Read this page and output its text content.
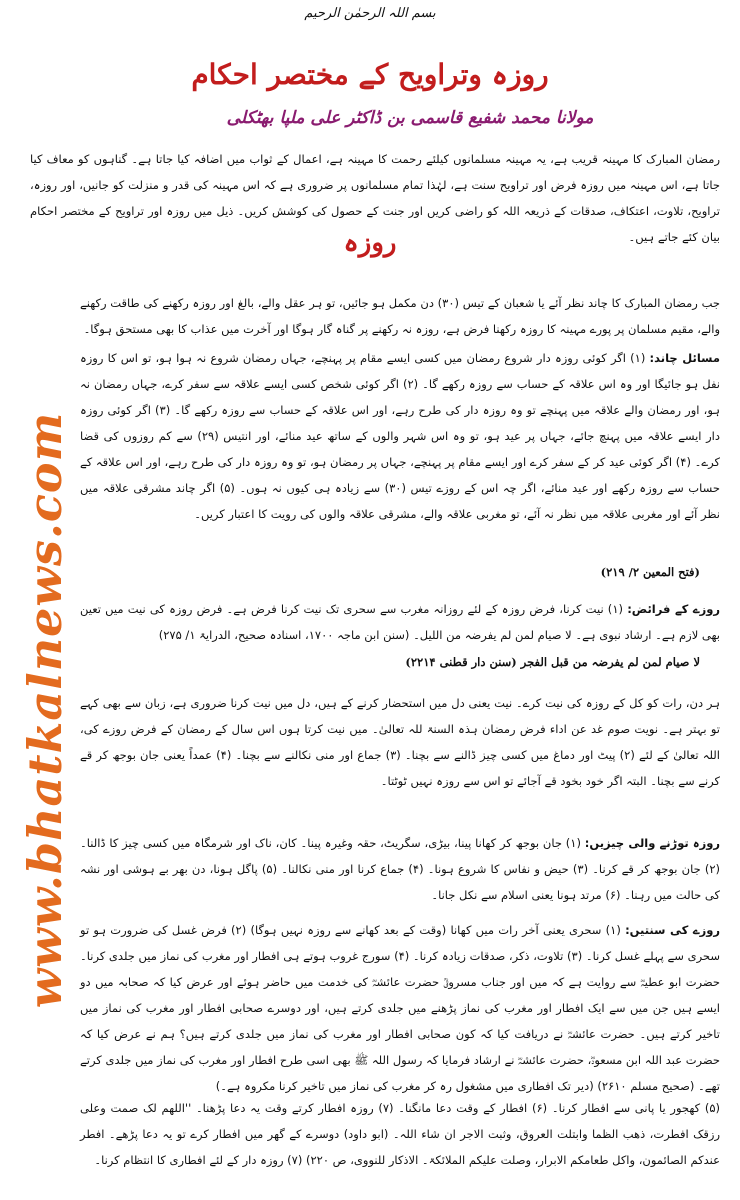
www.bhatkalnews.com
بسم اللہ الرحمٰن الرحیم
روزہ وتراویح کے مختصر احکام
مولانا محمد شفیع قاسمی بن ڈاکٹر علی ملپا بھٹکلی
رمضان المبارک کا مہینہ قریب ہے، یہ مہینہ مسلمانوں کیلئے رحمت کا مہینہ ہے، اعمال کے ثواب میں اضافہ کیا جاتا ہے۔ گناہوں کو معاف کیا جاتا ہے، اس مہینہ میں روزہ فرض اور تراویح سنت ہے، لہٰذا تمام مسلمانوں پر ضروری ہے کہ اس مہینہ کی قدر و منزلت کو جانیں، اور روزہ، تراویح، تلاوت، اعتکاف، صدقات کے ذریعہ اللہ کو راضی کریں اور جنت کے حصول کی کوشش کریں۔ ذیل میں روزہ اور تراویح کے مختصر احکام بیان کئے جاتے ہیں۔
روزہ
جب رمضان المبارک کا چاند نظر آئے یا شعبان کے تیس (۳۰) دن مکمل ہو جائیں، تو ہر عقل والے، بالغ اور روزہ رکھنے کی طاقت رکھنے والے، مقیم مسلمان پر پورے مہینہ کا روزہ رکھنا فرض ہے، روزہ نہ رکھنے پر گناہ گار ہوگا اور آخرت میں عذاب کا بھی مستحق ہوگا۔
مسائل چاند: (۱) اگر کوئی روزہ دار شروع رمضان میں کسی ایسے مقام پر پہنچے، جہاں رمضان شروع نہ ہوا ہو، تو اس کا روزہ نفل ہو جائیگا اور وہ اس علاقہ کے حساب سے روزہ رکھے گا۔ (۲) اگر کوئی شخص کسی ایسے علاقہ سے سفر کرے، جہاں رمضان نہ ہو، اور رمضان والے علاقہ میں پہنچے تو وہ روزہ دار کی طرح رہے، اور اس علاقہ کے حساب سے روزہ رکھے گا۔ (۳) اگر کوئی روزہ دار ایسے علاقہ میں پہنچ جائے، جہاں پر عید ہو، تو وہ اس شہر والوں کے ساتھ عید منائے، اور انتیس (۲۹) سے کم روزوں کی قضا کرے۔ (۴) اگر کوئی عید کر کے سفر کرے اور ایسے مقام پر پہنچے، جہاں پر رمضان ہو، تو وہ روزہ دار کی طرح رہے، اور اس علاقہ کے حساب سے روزہ رکھے اور عید منائے، اگر چہ اس کے روزے تیس (۳۰) سے زیادہ ہی کیوں نہ ہوں۔ (۵) اگر چاند مشرقی علاقہ میں نظر آئے اور مغربی علاقہ میں نظر نہ آئے، تو مغربی علاقہ والے، مشرقی علاقہ والوں کی رویت کا اعتبار کریں۔
(فتح المعین ۲/ ۲۱۹)
روزے کے فرائض: (۱) نیت کرنا، فرض روزہ کے لئے روزانہ مغرب سے سحری تک نیت کرنا فرض ہے۔ فرض روزہ کی نیت میں تعین بھی لازم ہے۔ ارشاد نبوی ہے۔ لا صیام لمن لم یفرضہ من اللیل۔ (سنن ابن ماجہ ۱۷۰۰، اسنادہ صحیح، الدرایۃ ۱/ ۲۷۵)
لا صیام لمن لم یفرضہ من قبل الفجر (سنن دار قطنی ۲۲۱۴)
ہر دن، رات کو کل کے روزہ کی نیت کرے۔ نیت یعنی دل میں استحضار کرنے کے ہیں، دل میں نیت کرنا ضروری ہے، زبان سے بھی کہے تو بہتر ہے۔ نویت صوم غد عن اداء فرض رمضان ہذہ السنۃ للہ تعالیٰ۔ میں نیت کرتا ہوں اس سال کے رمضان کے فرض روزے کی، اللہ تعالیٰ کے لئے (۲) پیٹ اور دماغ میں کسی چیز ڈالنے سے بچنا۔ (۳) جماع اور منی نکالنے سے بچنا۔ (۴) عمداً یعنی جان بوجھ کر قے کرنے سے بچنا۔ البتہ اگر خود بخود قے آجائے تو اس سے روزہ نہیں ٹوٹتا۔
روزہ توڑنے والی چیزیں: (۱) جان بوجھ کر کھانا پینا، بیڑی، سگریٹ، حقہ وغیرہ پینا۔ کان، ناک اور شرمگاہ میں کسی چیز کا ڈالنا۔ (۲) جان بوجھ کر قے کرنا۔ (۳) حیض و نفاس کا شروع ہونا۔ (۴) جماع کرنا اور منی نکالنا۔ (۵) پاگل ہونا، دن بھر بے ہوشی اور نشہ کی حالت میں رہنا۔ (۶) مرتد ہونا یعنی اسلام سے نکل جانا۔
روزے کی سنتیں: (۱) سحری یعنی آخر رات میں کھانا (وقت کے بعد کھانے سے روزہ نہیں ہوگا) (۲) فرض غسل کی ضرورت ہو تو سحری سے پہلے غسل کرنا۔ (۳) تلاوت، ذکر، صدقات زیادہ کرنا۔ (۴) سورج غروب ہوتے ہی افطار اور مغرب کی نماز میں جلدی کرنا۔ حضرت ابو عطیہؓ سے روایت ہے کہ میں اور جناب مسروقؒ حضرت عائشہؓ کی خدمت میں حاضر ہوئے اور عرض کیا کہ صحابہ میں دو ایسے ہیں جن میں سے ایک افطار اور مغرب کی نماز پڑھنے میں جلدی کرتے ہیں، اور دوسرے صحابی افطار اور مغرب کی نماز میں تاخیر کرتے ہیں۔ حضرت عائشہؓ نے دریافت کیا کہ کون صحابی افطار اور مغرب کی نماز میں جلدی کرتے ہیں؟ ہم نے عرض کیا کہ حضرت عبد اللہ ابن مسعودؓ، حضرت عائشہؓ نے ارشاد فرمایا کہ رسول اللہ ﷺ بھی اسی طرح افطار اور مغرب کی نماز میں جلدی کرتے تھے۔ (صحیح مسلم ۲۶۱۰) (دیر تک افطاری میں مشغول رہ کر مغرب کی نماز میں تاخیر کرنا مکروہ ہے۔)
(۵) کھجور یا پانی سے افطار کرنا۔ (۶) افطار کے وقت دعا مانگنا۔ (۷) روزہ افطار کرتے وقت یہ دعا پڑھنا۔ ''اللھم لک صمت وعلی رزقک افطرت، ذھب الظما وابتلت العروق، وثبت الاجر ان شاء اللہ۔ (ابو داود) دوسرے کے گھر میں افطار کرے تو یہ دعا پڑھے۔ افطر عندکم الصائمون، واکل طعامکم الابرار، وصلت علیکم الملائکۃ۔ الاذکار للنووی، ص ۲۲۰) (۷) روزہ دار کے لئے افطاری کا انتظام کرنا۔
